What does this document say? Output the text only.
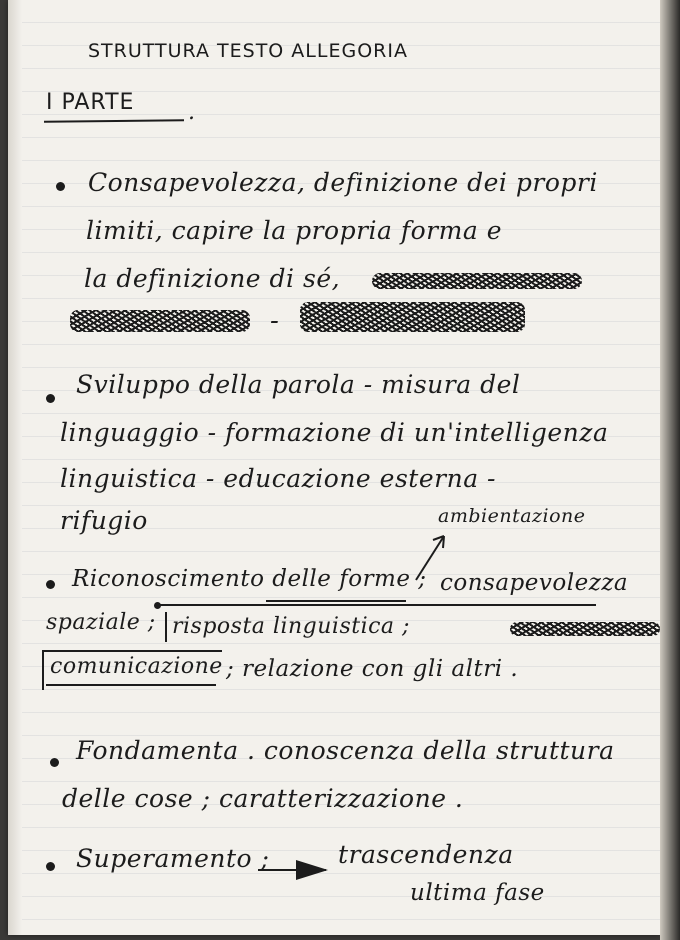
STRUTTURA TESTO ALLEGORIA
I PARTE .
Consapevolezza, definizione dei propri
limiti, capire la propria forma e
la definizione di sé,
-
Sviluppo della parola - misura del
linguaggio - formazione di un'intelligenza
linguistica - educazione esterna -
rifugio	ambientazione
Riconoscimento delle forme ; consapevolezza
spaziale ; risposta linguistica ;
comunicazione ; relazione con gli altri .
Fondamenta . conoscenza della struttura
delle cose ; caratterizzazione .
Superamento ;	trascendenza
ultima fase
